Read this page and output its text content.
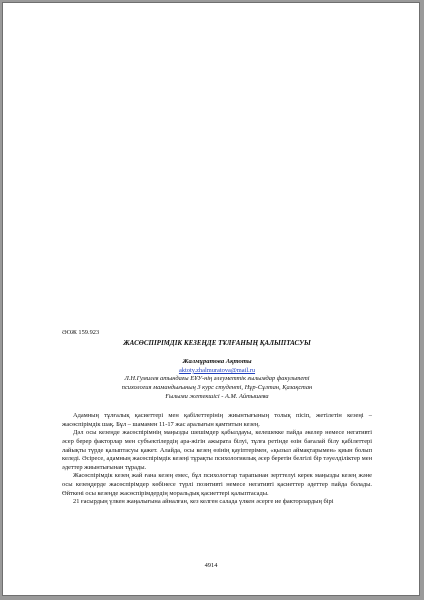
ӘОЖ 159.923

ЖАСӨСПІРІМДІК КЕЗЕҢДЕ ТҰЛҒАНЫҢ ҚАЛЫПТАСУЫ

Жалмұратова Ақтоты

aktoty.zhalmuratova@mail.ru

Л.Н.Гумилев атындағы ЕҰУ-нің әлеуметтік ғылымдар факультеті

психология мамандығының 3 курс студенті, Нұр-Сұлтан, Қазақстан

Ғылыми жетекшісі - А.М. Айтышева

Адамның тұлғалық қасиеттері мен қабілеттерінің жиынтығының толық пісіп, жетілетін кезеңі – жасөспірімдік шақ. Бұл – шамамен 11-17 жас аралығын қамтитын кезең.

Дәл осы кезеңде жасөспірімнің маңызды шешімдер қабылдауы, келешекке пайда әкелер немесе негативті әсер берер факторлар мен субъектілердің ара-жігін ажырата білуі, тұлға ретінде өзін бағалай білу қабілеттері лайықты түрде қалыптасуы қажет. Алайда, осы кезең өзінің қауіптерімен, «қызыл аймақтарымен» қиын болып келеді. Әсіресе, адамның жасөспірімдік кезеңі тұрақты психологиялық әсер беретін белгілі бір тәуелділіктер мен әдеттер жиынтығынан тұрады.

Жасөспірімдік кезең жай ғана кезең емес, бұл психологтар тарапынан зерттелуі керек маңызды кезең және осы кезеңдерде жасөспірімдер көбінесе түрлі позитивті немесе негативті қасиеттер әдеттер пайда болады. Өйткені осы кезеңде жасөспірімдердің моральдық қасиеттері қалыптасады.

21 ғасырдың үлкен жаңалығына айналған, кез келген салада үлкен әсерге ие факторлардың бірі

4914
